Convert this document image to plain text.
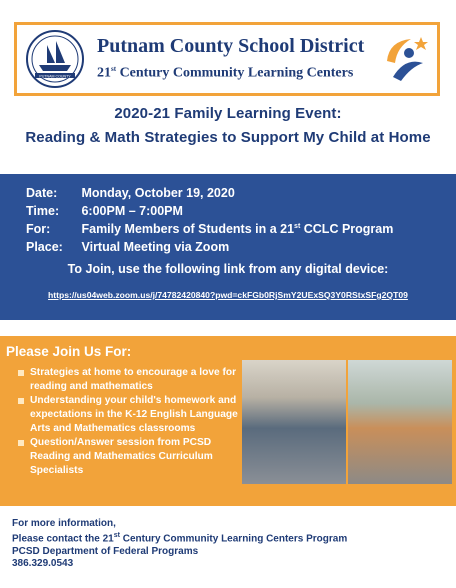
PUTNAM COUNTY
Putnam County School District
21st Century Community Learning Centers
2020-21 Family Learning Event:
Reading & Math Strategies to Support My Child at Home
Date: Monday, October 19, 2020
Time: 6:00PM – 7:00PM
For: Family Members of Students in a 21st CCLC Program
Place: Virtual Meeting via Zoom
To Join, use the following link from any digital device:
https://us04web.zoom.us/j/74782420840?pwd=ckFGb0RjSmY2UExSQ3Y0RStxSFg2QT09
Please Join Us For:
Strategies at home to encourage a love for reading and mathematics
Understanding your child's homework and expectations in the K-12 English Language Arts and Mathematics classrooms
Question/Answer session from PCSD Reading and Mathematics Curriculum Specialists
For more information,
Please contact the 21st Century Community Learning Centers Program
PCSD Department of Federal Programs
386.329.0543
